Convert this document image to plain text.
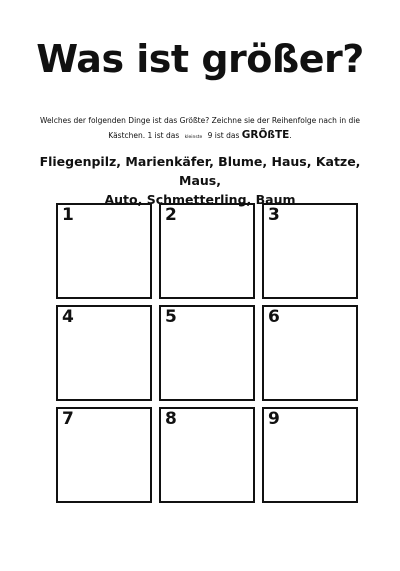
Was ist größer?
Welches der folgenden Dinge ist das Größte? Zeichne sie der Reihenfolge nach in die
Kästchen. 1 ist das kleinste 9 ist das GRÖßTE.
Fliegenpilz, Marienkäfer, Blume, Haus, Katze, Maus,
Auto, Schmetterling, Baum
1	2	3
4	5	6
7	8	9
